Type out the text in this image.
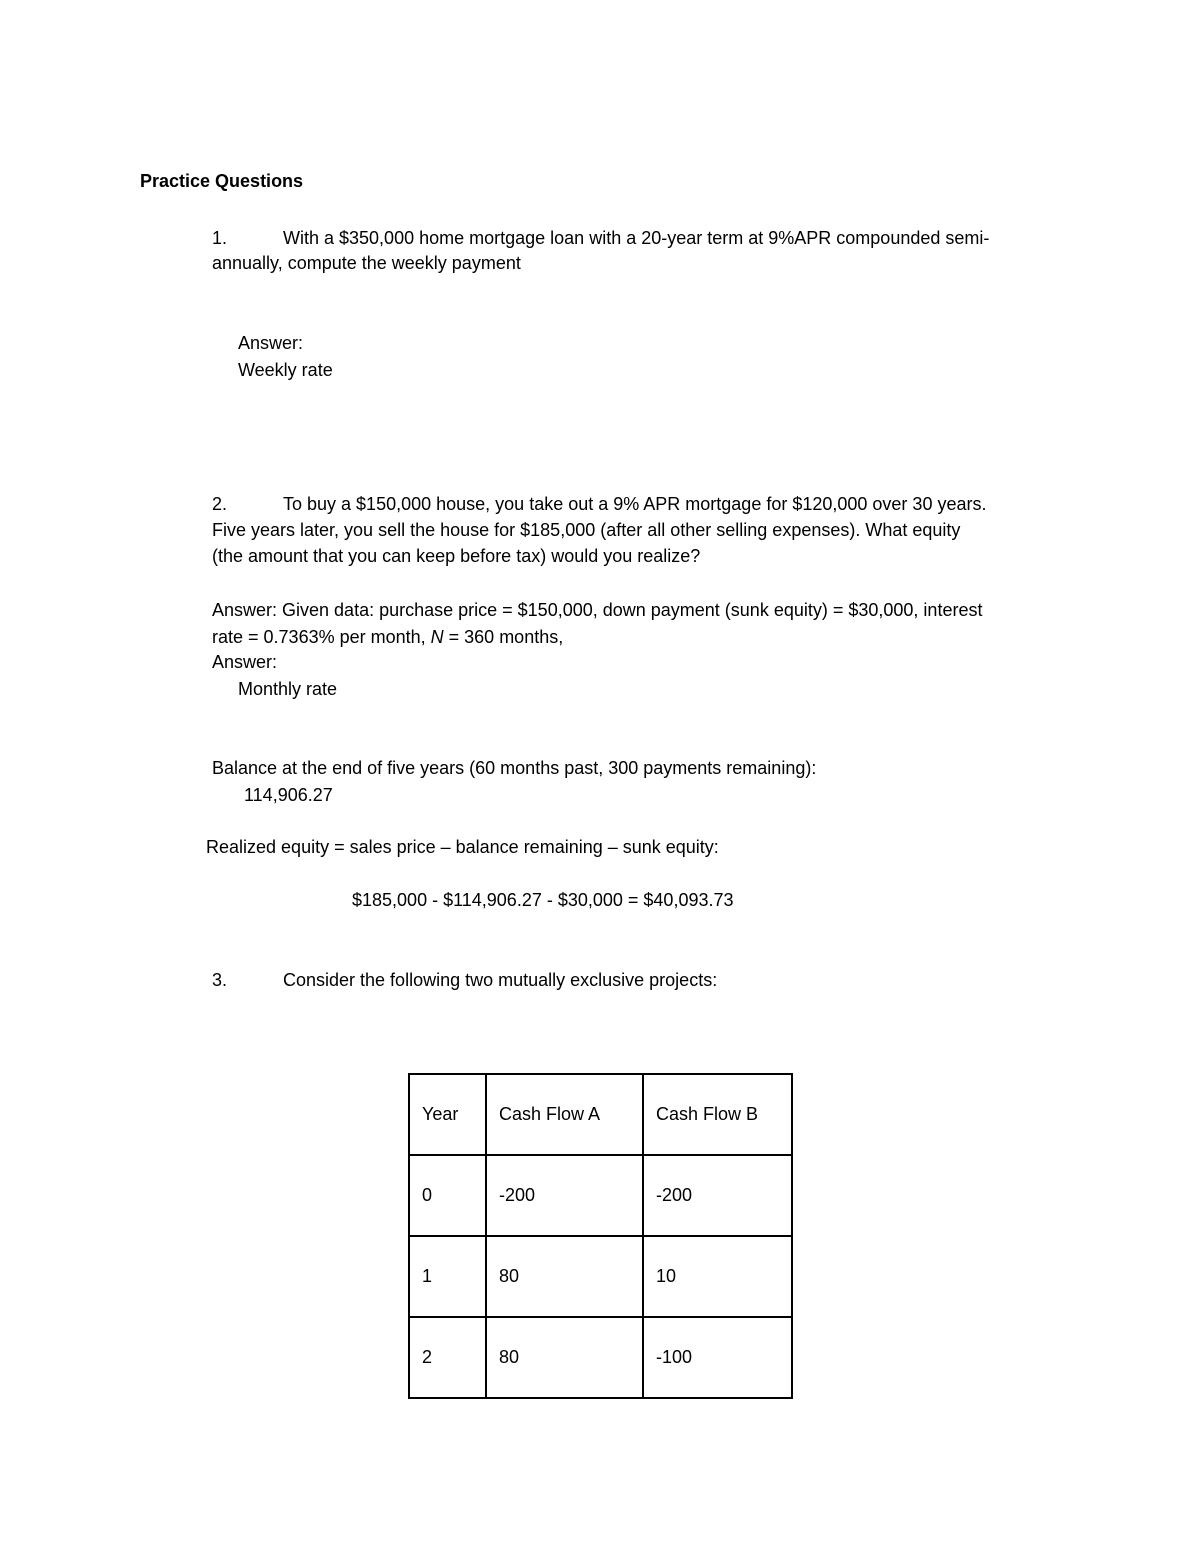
Practice Questions
1.	With a $350,000 home mortgage loan with a 20-year term at 9%APR compounded semi-
annually, compute the weekly payment
Answer:
Weekly rate
2.	To buy a $150,000 house, you take out a 9% APR mortgage for $120,000 over 30 years.
Five years later, you sell the house for $185,000 (after all other selling expenses). What equity
(the amount that you can keep before tax) would you realize?
Answer: Given data: purchase price = $150,000, down payment (sunk equity) = $30,000, interest
rate = 0.7363% per month, N = 360 months,
Answer:
Monthly rate
Balance at the end of five years (60 months past, 300 payments remaining):
114,906.27
Realized equity = sales price – balance remaining – sunk equity:
$185,000 - $114,906.27 - $30,000 = $40,093.73
3.	Consider the following two mutually exclusive projects:
Year	Cash Flow A	Cash Flow B
0	-200	-200
1	80	10
2	80	-100
